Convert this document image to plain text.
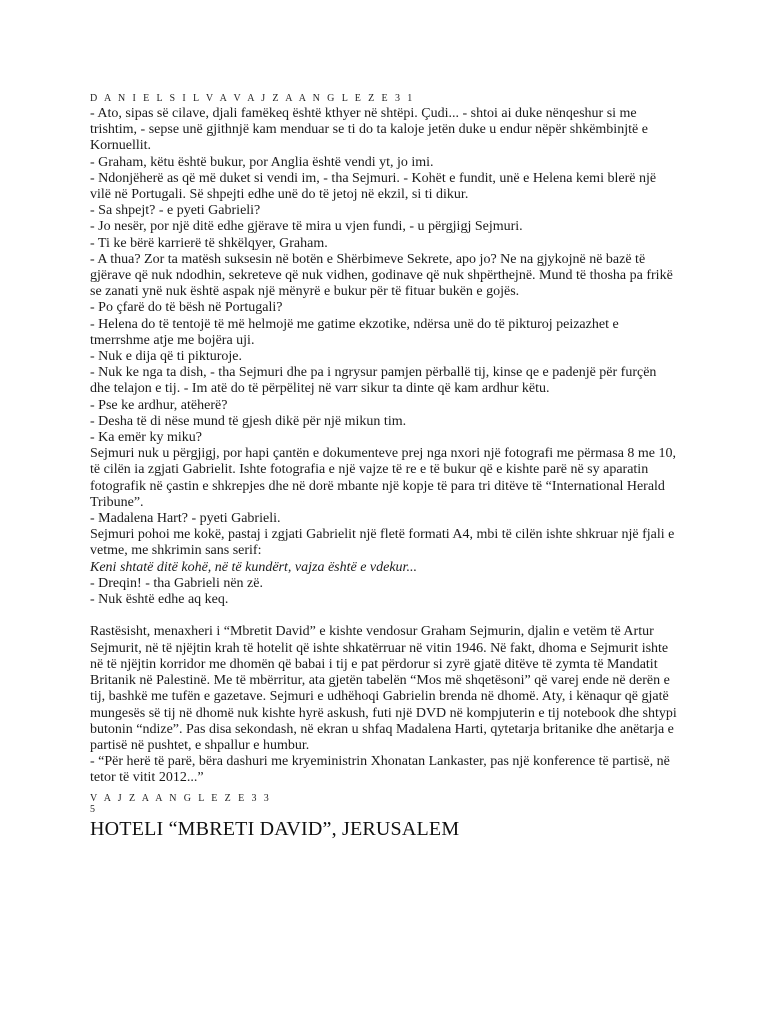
D A N I E L S I L V A V A J Z A A N G L E Z E 3 1

- Ato, sipas së cilave, djali famëkeq është kthyer në shtëpi. Çudi... - shtoi ai duke nënqeshur si me trishtim, - sepse unë gjithnjë kam menduar se ti do ta kaloje jetën duke u endur nëpër shkëmbinjtë e Kornuellit.

- Graham, këtu është bukur, por Anglia është vendi yt, jo imi.

- Ndonjëherë as që më duket si vendi im, - tha Sejmuri. - Kohët e fundit, unë e Helena kemi blerë një vilë në Portugali. Së shpejti edhe unë do të jetoj në ekzil, si ti dikur.

- Sa shpejt? - e pyeti Gabrieli?

- Jo nesër, por një ditë edhe gjërave të mira u vjen fundi, - u përgjigj Sejmuri.

- Ti ke bërë karrierë të shkëlqyer, Graham.

- A thua? Zor ta matësh suksesin në botën e Shërbimeve Sekrete, apo jo? Ne na gjykojnë në bazë të gjërave që nuk ndodhin, sekreteve që nuk vidhen, godinave që nuk shpërthejnë. Mund të thosha pa frikë se zanati ynë nuk është aspak një mënyrë e bukur për të fituar bukën e gojës.

- Po çfarë do të bësh në Portugali?

- Helena do të tentojë të më helmojë me gatime ekzotike, ndërsa unë do të pikturoj peizazhet e tmerrshme atje me bojëra uji.

- Nuk e dija që ti pikturoje.

- Nuk ke nga ta dish, - tha Sejmuri dhe pa i ngrysur pamjen përballë tij, kinse qe e padenjë për furçën dhe telajon e tij. - Im atë do të përpëlitej në varr sikur ta dinte që kam ardhur këtu.

- Pse ke ardhur, atëherë?

- Desha të di nëse mund të gjesh dikë për një mikun tim.

- Ka emër ky miku?

Sejmuri nuk u përgjigj, por hapi çantën e dokumenteve prej nga nxori një fotografi me përmasa 8 me 10, të cilën ia zgjati Gabrielit. Ishte fotografia e një vajze të re e të bukur që e kishte parë në sy aparatin fotografik në çastin e shkrepjes dhe në dorë mbante një kopje të para tri ditëve të “International Herald Tribune”.

- Madalena Hart? - pyeti Gabrieli.

Sejmuri pohoi me kokë, pastaj i zgjati Gabrielit një fletë formati A4, mbi të cilën ishte shkruar një fjali e vetme, me shkrimin sans serif:

Keni shtatë ditë kohë, në të kundërt, vajza është e vdekur...

- Dreqin! - tha Gabrieli nën zë.

- Nuk është edhe aq keq.

Rastësisht, menaxheri i “Mbretit David” e kishte vendosur Graham Sejmurin, djalin e vetëm të Artur Sejmurit, në të njëjtin krah të hotelit që ishte shkatërruar në vitin 1946. Në fakt, dhoma e Sejmurit ishte në të njëjtin korridor me dhomën që babai i tij e pat përdorur si zyrë gjatë ditëve të zymta të Mandatit Britanik në Palestinë. Me të mbërritur, ata gjetën tabelën “Mos më shqetësoni” që varej ende në derën e tij, bashkë me tufën e gazetave. Sejmuri e udhëhoqi Gabrielin brenda në dhomë. Aty, i kënaqur që gjatë mungesës së tij në dhomë nuk kishte hyrë askush, futi një DVD në kompjuterin e tij notebook dhe shtypi butonin “ndize”. Pas disa sekondash, në ekran u shfaq Madalena Harti, qytetarja britanike dhe anëtarja e partisë në pushtet, e shpallur e humbur.

- “Për herë të parë, bëra dashuri me kryeministrin Xhonatan Lankaster, pas një konference të partisë, në tetor të vitit 2012...”

V A J Z A A N G L E Z E 3 3
5
HOTELI “MBRETI DAVID”, JERUSALEM
